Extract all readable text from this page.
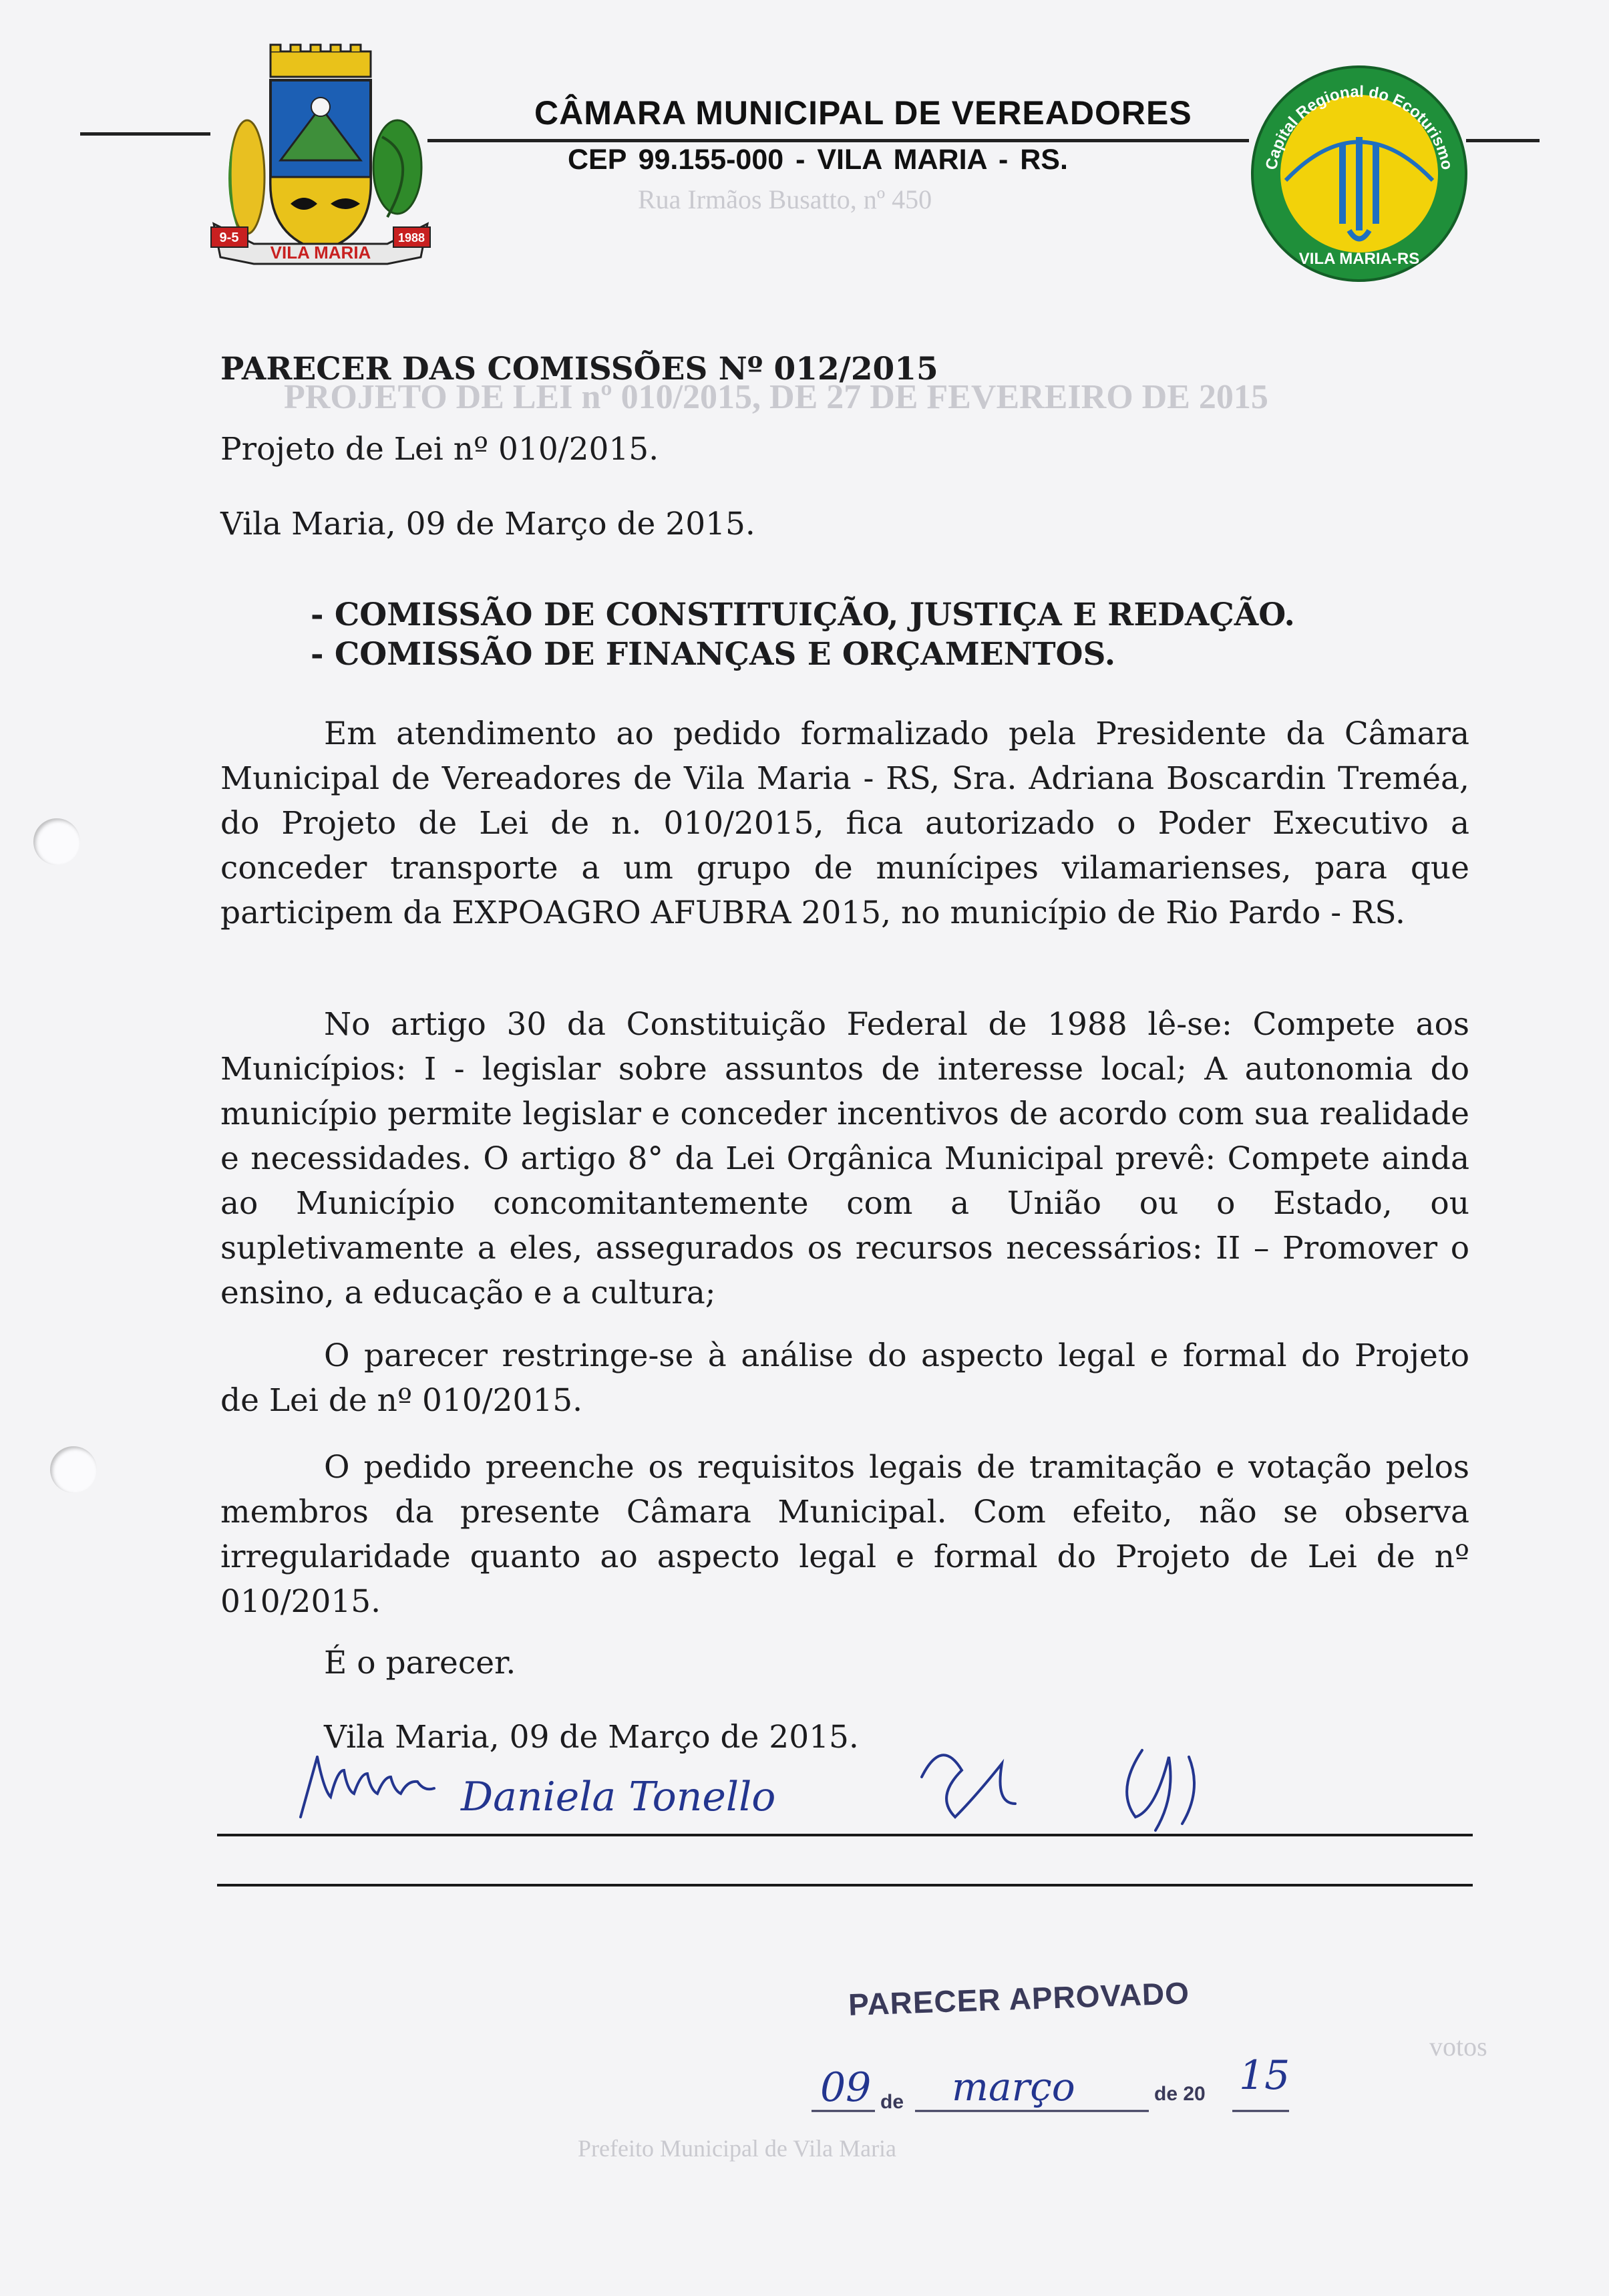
PROJETO DE LEI nº 010/2015, DE 27 DE FEVEREIRO DE 2015
Rua Irmãos Busatto, nº 450
Prefeito Municipal de Vila Maria
votos
9-5	1988
VILA MARIA
CÂMARA MUNICIPAL DE VEREADORES
CEP 99.155-000 - VILA MARIA - RS.	Capital Regional do Ecoturismo
VILA MARIA-RS
PARECER DAS COMISSÕES Nº 012/2015
Projeto de Lei nº 010/2015.
Vila Maria, 09 de Março de 2015.
- COMISSÃO DE CONSTITUIÇÃO, JUSTIÇA E REDAÇÃO.
- COMISSÃO DE FINANÇAS E ORÇAMENTOS.

Em atendimento ao pedido formalizado pela Presidente da Câmara Municipal de Vereadores de Vila Maria - RS, Sra. Adriana Boscardin Treméa, do Projeto de Lei de n. 010/2015, fica autorizado o Poder Executivo a conceder transporte a um grupo de munícipes vilamarienses, para que participem da EXPOAGRO AFUBRA 2015, no município de Rio Pardo - RS.

No artigo 30 da Constituição Federal de 1988 lê-se: Compete aos Municípios: I - legislar sobre assuntos de interesse local; A autonomia do município permite legislar e conceder incentivos de acordo com sua realidade e necessidades. O artigo 8° da Lei Orgânica Municipal prevê: Compete ainda ao Município concomitantemente com a União ou o Estado, ou supletivamente a eles, assegurados os recursos necessários: II – Promover o ensino, a educação e a cultura;

O parecer restringe-se à análise do aspecto legal e formal do Projeto de Lei de nº 010/2015.

O pedido preenche os requisitos legais de tramitação e votação pelos membros da presente Câmara Municipal. Com efeito, não se observa irregularidade quanto ao aspecto legal e formal do Projeto de Lei de nº 010/2015.

É o parecer.
Vila Maria, 09 de Março de 2015.
Daniela Tonello
PARECER APROVADO
09 de março	de 20 15
